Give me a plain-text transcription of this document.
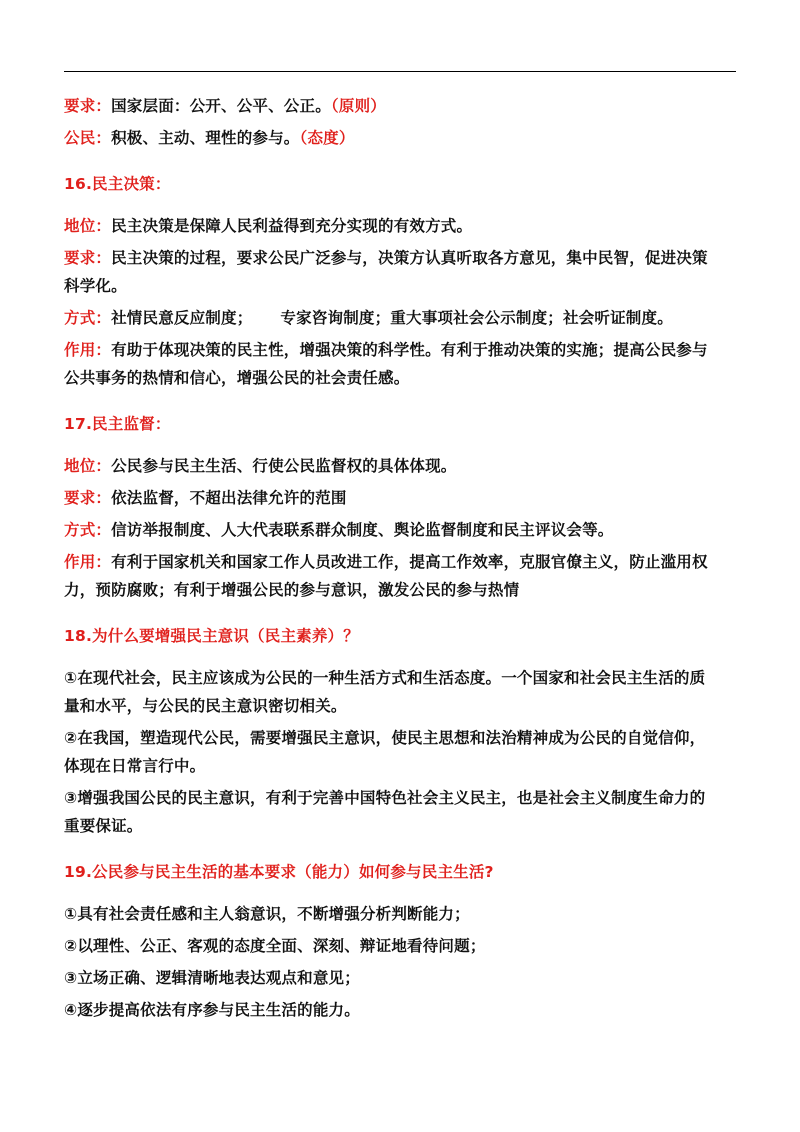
要求：国家层面：公开、公平、公正。（原则）

公民：积极、主动、理性的参与。（态度）

16.民主决策：

地位：民主决策是保障人民利益得到充分实现的有效方式。

要求：民主决策的过程，要求公民广泛参与，决策方认真听取各方意见，集中民智，促进决策

科学化。

方式：社情民意反应制度；     专家咨询制度；重大事项社会公示制度；社会听证制度。

作用：有助于体现决策的民主性，增强决策的科学性。有利于推动决策的实施；提高公民参与

公共事务的热情和信心，增强公民的社会责任感。

17.民主监督：

地位：公民参与民主生活、行使公民监督权的具体体现。

要求：依法监督，不超出法律允许的范围

方式：信访举报制度、人大代表联系群众制度、舆论监督制度和民主评议会等。

作用：有利于国家机关和国家工作人员改进工作，提高工作效率，克服官僚主义，防止滥用权

力，预防腐败；有利于增强公民的参与意识，激发公民的参与热情

18.为什么要增强民主意识（民主素养）？

①在现代社会，民主应该成为公民的一种生活方式和生活态度。一个国家和社会民主生活的质

量和水平，与公民的民主意识密切相关。

②在我国，塑造现代公民，需要增强民主意识，使民主思想和法治精神成为公民的自觉信仰，

体现在日常言行中。

③增强我国公民的民主意识，有利于完善中国特色社会主义民主，也是社会主义制度生命力的

重要保证。

19.公民参与民主生活的基本要求（能力）如何参与民主生活?

①具有社会责任感和主人翁意识，不断增强分析判断能力；

②以理性、公正、客观的态度全面、深刻、辩证地看待问题；

③立场正确、逻辑清晰地表达观点和意见；

④逐步提高依法有序参与民主生活的能力。
